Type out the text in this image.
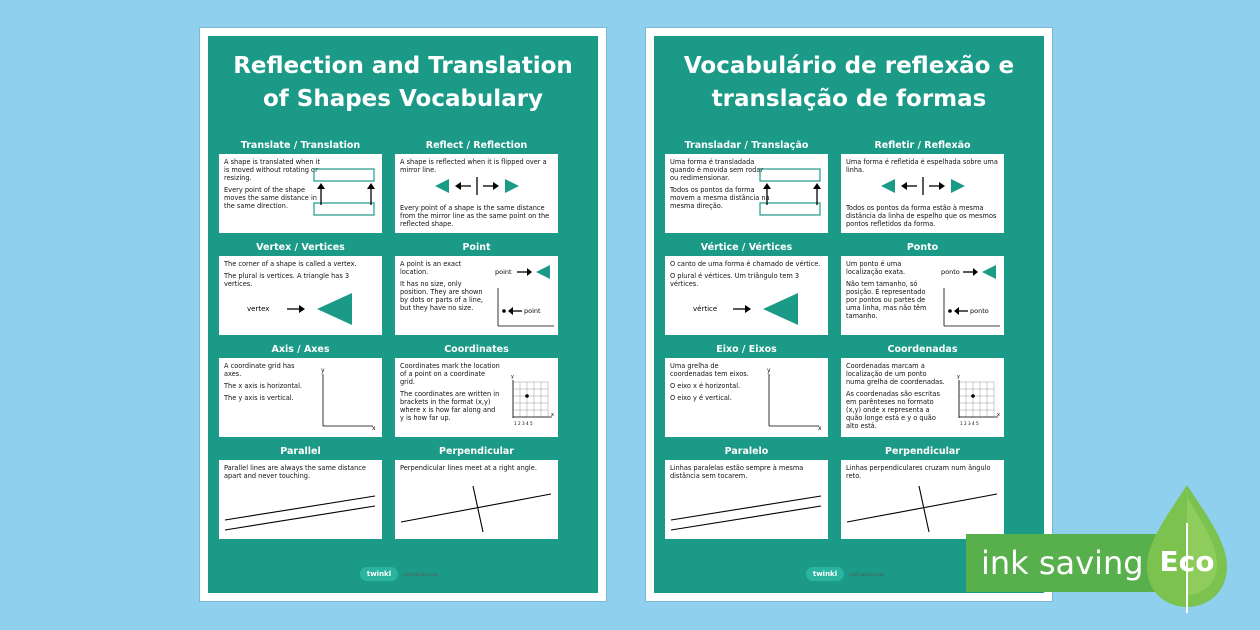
Reflection and Translation
of Shapes Vocabulary
Translate / Translation

A shape is translated when it is moved without rotating or resizing.

Every point of the shape moves the same distance in the same direction.

Reflect / Reflection

A shape is reflected when it is flipped over a mirror line.

Every point of a shape is the same distance from the mirror line as the same point on the reflected shape.

Vertex / Vertices

The corner of a shape is called a vertex.

The plural is vertices. A triangle has 3 vertices.

vertex
Point

A point is an exact location.

It has no size, only position. They are shown by dots or parts of a line, but they have no size.

point
point
Axis / Axes

A coordinate grid has axes.

The x axis is horizontal.

The y axis is vertical.

y
x
Coordinates

Coordinates mark the location of a point on a coordinate grid.

The coordinates are written in brackets in the format (x,y) where x is how far along and y is how far up.

y
x
1 2 3 4 5
Parallel

Parallel lines are always the same distance apart and never touching.

Perpendicular

Perpendicular lines meet at a right angle.

twinkl	visit twinkl.com
Vocabulário de reflexão e
translação de formas
Transladar / Translação

Uma forma é transladada quando é movida sem rodar ou redimensionar.

Todos os pontos da forma movem a mesma distância na mesma direção.

Refletir / Reflexão

Uma forma é refletida é espelhada sobre uma linha.

Todos os pontos da forma estão à mesma distância da linha de espelho que os mesmos pontos refletidos da forma.

Vértice / Vértices

O canto de uma forma é chamado de vértice.

O plural é vértices. Um triângulo tem 3 vértices.

vértice
Ponto

Um ponto é uma localização exata.

Não tem tamanho, só posição. É representado por pontos ou partes de uma linha, mas não têm tamanho.

ponto
ponto
Eixo / Eixos

Uma grelha de coordenadas tem eixos.

O eixo x é horizontal.

O eixo y é vertical.

y
x
Coordenadas

Coordenadas marcam a localização de um ponto numa grelha de coordenadas.

As coordenadas são escritas em parênteses no formato (x,y) onde x representa a quão longe está e y o quão alto está.

y
x
1 2 3 4 5
Paralelo

Linhas paralelas estão sempre à mesma distância sem tocarem.

Perpendicular

Linhas perpendiculares cruzam num ângulo reto.

twinkl	visit twinkl.com	ink saving Eco
